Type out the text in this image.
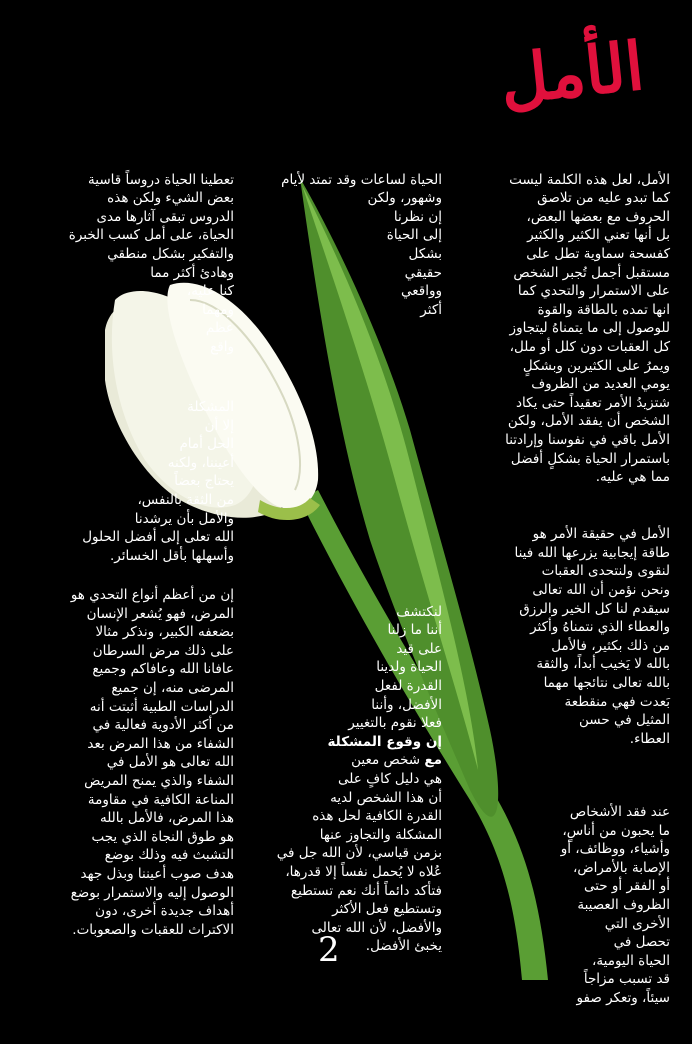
الأمل

الأمل، لعل هذه الكلمة ليست
كما تبدو عليه من تلاصق
الحروف مع بعضها البعض،
بل أنها تعني الكثير والكثير
كفسحة سماوية تطل على
مستقبل أجمل تُجبر الشخص
على الاستمرار والتحدي كما
انها تمده بالطاقة والقوة
للوصول إلى ما يتمناهُ ليتجاوز
كل العقبات دون كلل أو ملل،
ويمرُ على الكثيرين وبشكلٍ
يومي العديد من الظروف
شتزيدُ الأمر تعقيداً حتى يكاد
الشخص أن يفقد الأمل، ولكن
الأمل باقي في نفوسنا وإرادتنا
باستمرار الحياة بشكلٍ أفضل
مما هي عليه.

الأمل في حقيقة الأمر هو
طاقة إيجابية يزرعها الله فينا
لنقوى ولنتحدى العقبات
ونحن نؤمن أن الله تعالى
سيقدم لنا كل الخير والرزق
والعطاء الذي نتمناهُ وأكثر
من ذلك بكثير، فالأمل
بالله لا يَخيب أبداً، والثقة
بالله تعالى نتائجها مهما
بَعدت فهي منقطعة
المثيل في حسن
العطاء.

عند فقد الأشخاص
ما يحبون من أناسٍ،
وأشياء، ووظائف، أو
الإصابة بالأمراض،
أو الفقر أو حتى
الظروف العصيبة
الأخرى التي
تحصل في
الحياة اليومية،
قد تسبب مزاجاً
سيئاً، وتعكر صفو

الحياة لساعات وقد تمتد لأيام
وشهور، ولكن
إن نظرنا
إلى الحياة
بشكل
حقيقي
وواقعي
أكثر

لنكتشف
أننا ما زلنا
على قيد
الحياة ولدينا
القدرة لفعل
الأفضل، وأننا
فعلا نقوم بالتغيير

إن وقوع المشكلة
مع شخص معين
هي دليل كافٍ على
أن هذا الشخص لديه
القدرة الكافية لحل هذه
المشكلة والتجاوز عنها
بزمن قياسي، لأن الله جل في
عُلاه لا يُحمل نفساً إلا قدرها،
فتأكد دائماً أنك نعم تستطيع
وتستطيع فعل الأكثر
والأفضل، لأن الله تعالى
يخبئ الأفضل.

تعطينا الحياة دروساً قاسية
بعض الشيء ولكن هذه
الدروس تبقى آثارها مدى
الحياة، على أمل كسب الخبرة
والتفكير بشكل منطقي
وهادئ أكثر مما
كنا عليه،
ومهما
عظم
واقع

المشكلة
إلا أن
الحل أمام
أعيننا، ولكنه
يحتاج بعضاً
من الثقة بالنفس،
والأمل بأن يرشدنا
الله تعلى إلى أفضل الحلول
وأسهلها بأقل الخسائر.

إن من أعظم أنواع التحدي هو
المرض، فهو يُشعر الإنسان
بضعفه الكبير، ونذكر مثالا
على ذلك مرض السرطان
عافانا الله وعافاكم وجميع
المرضى منه، إن جميع
الدراسات الطبية أثبتت أنه
من أكثر الأدوية فعالية في
الشفاء من هذا المرض بعد
الله تعالى هو الأمل في
الشفاء والذي يمنح المريض
المناعة الكافية في مقاومة
هذا المرض، فالأمل بالله
هو طوق النجاة الذي يجب
التشبث فيه وذلك بوضع
هدف صوب أعيننا وبذل جهد
الوصول إليه والاستمرار بوضع
أهداف جديدة أخرى، دون
الاكتراث للعقبات والصعوبات.

2
